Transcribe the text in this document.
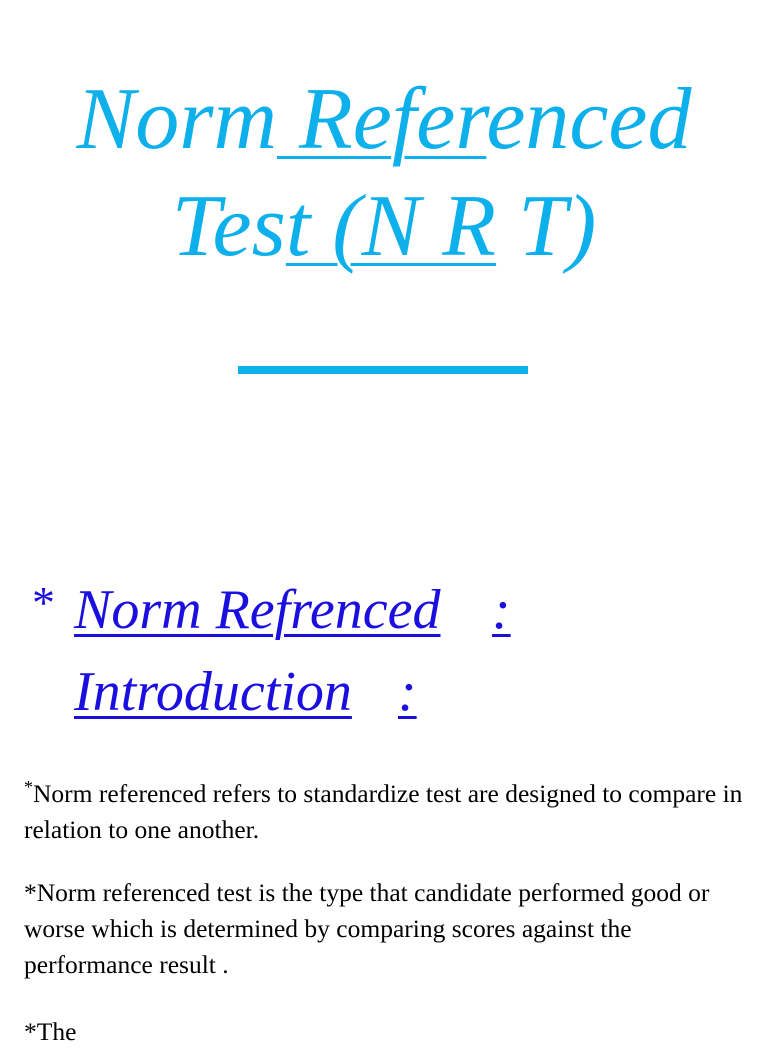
Norm Referenced
Test (N R T)
* Norm Refrenced :
Introduction :

*Norm referenced refers to standardize test are designed to compare in relation to one another.

*Norm referenced test is the type that candidate performed good or worse which is determined by comparing scores against the performance result .

*The
